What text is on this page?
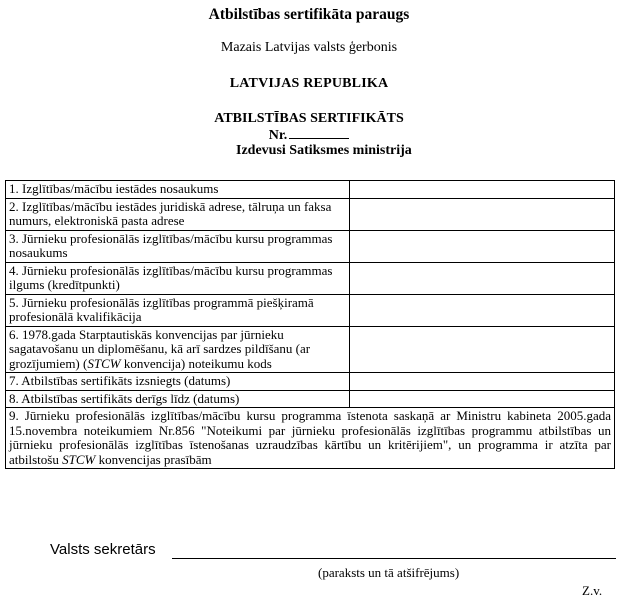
Atbilstības sertifikāta paraugs
Mazais Latvijas valsts ģerbonis
LATVIJAS REPUBLIKA
ATBILSTĪBAS SERTIFIKĀTS
Nr.
Izdevusi Satiksmes ministrija
1. Izglītības/mācību iestādes nosaukums	
2. Izglītības/mācību iestādes juridiskā adrese, tālruņa un faksa numurs, elektroniskā pasta adrese	
3. Jūrnieku profesionālās izglītības/mācību kursu programmas nosaukums	
4. Jūrnieku profesionālās izglītības/mācību kursu programmas ilgums (kredītpunkti)	
5. Jūrnieku profesionālās izglītības programmā piešķiramā profesionālā kvalifikācija	
6. 1978.gada Starptautiskās konvencijas par jūrnieku sagatavošanu un diplomēšanu, kā arī sardzes pildīšanu (ar grozījumiem) (STCW konvencija) noteikumu kods	
7. Atbilstības sertifikāts izsniegts (datums)	
8. Atbilstības sertifikāts derīgs līdz (datums)	
9. Jūrnieku profesionālās izglītības/mācību kursu programma īstenota saskaņā ar Ministru kabineta 2005.gada 15.novembra noteikumiem Nr.856 "Noteikumi par jūrnieku profesionālās izglītības programmu atbilstības un jūrnieku profesionālās izglītības īstenošanas uzraudzības kārtību un kritērijiem", un programma ir atzīta par atbilstošu STCW konvencijas prasībām	
Valsts sekretārs
(paraksts un tā atšifrējums)
Z.v.
